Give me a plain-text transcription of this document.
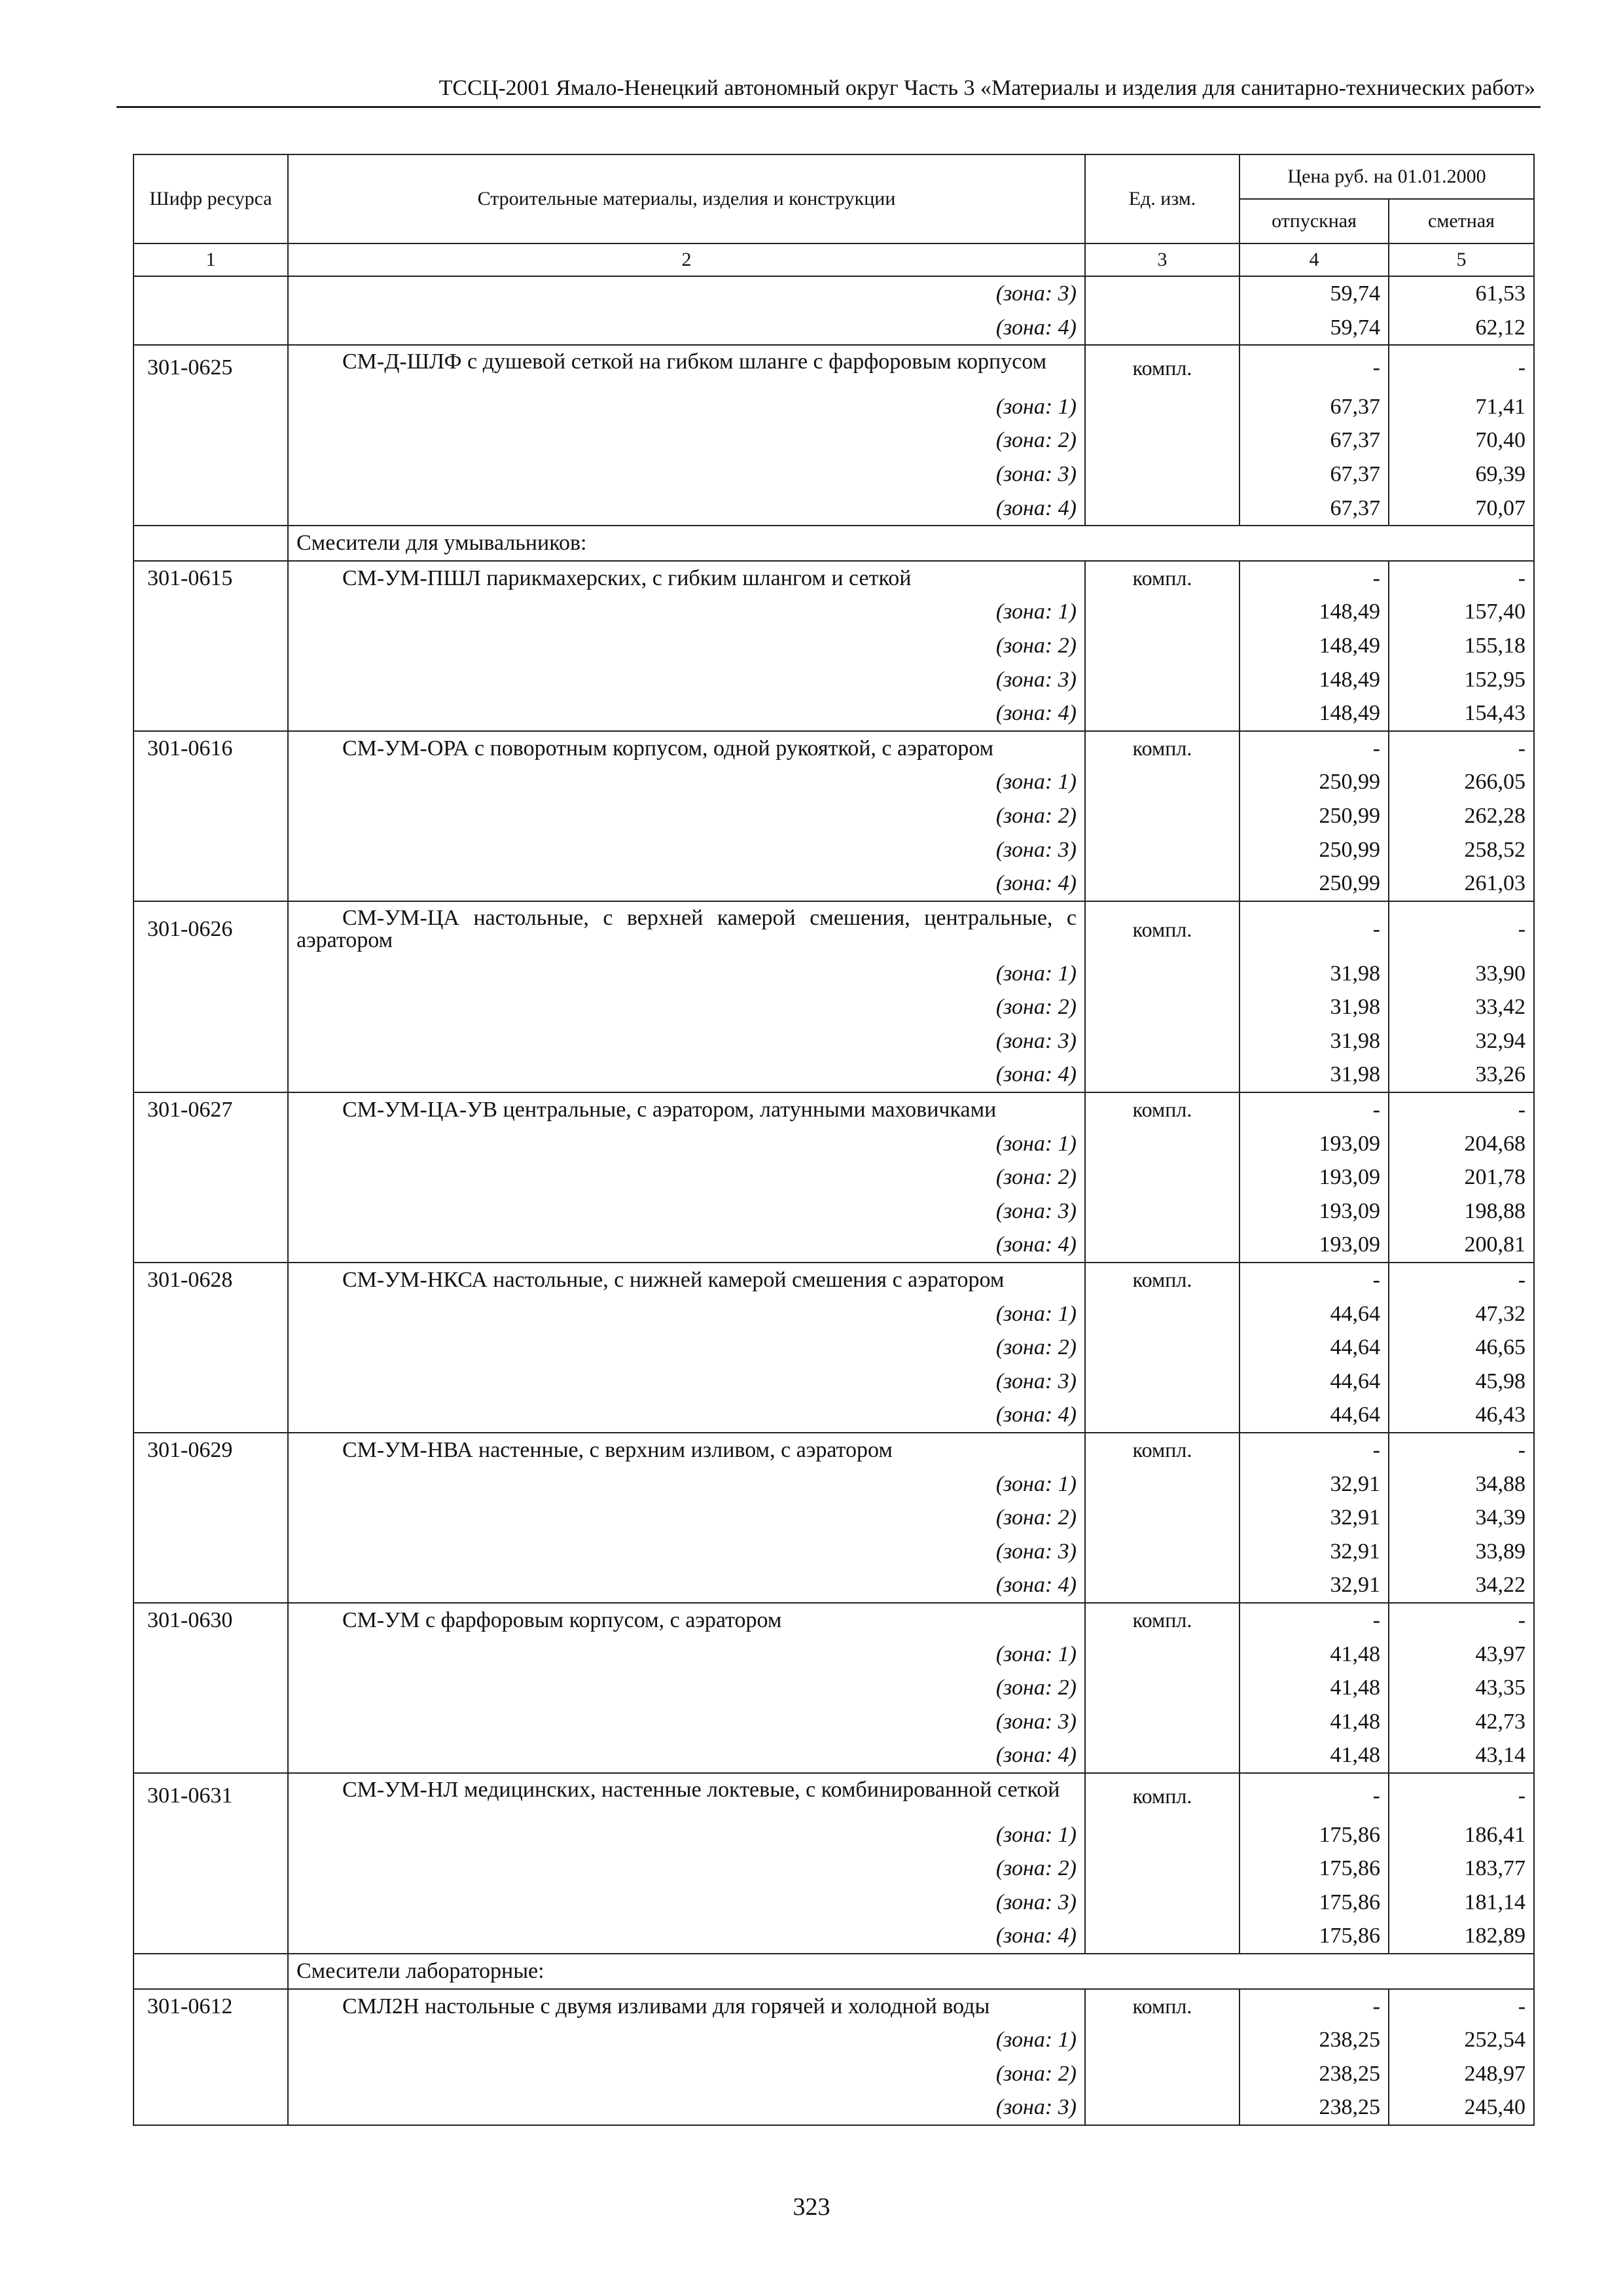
ТССЦ-2001 Ямало-Ненецкий автономный округ Часть 3 «Материалы и изделия для санитарно-технических работ»
Шифр ресурса	Строительные материалы, изделия и конструкции	Ед. изм.	Цена руб. на 01.01.2000	
			отпускная	сметная
1	2	3	4	5
	(зона: 3)		59,74	61,53
	(зона: 4)		59,74	62,12
301-0625	СМ-Д-ШЛФ с душевой сеткой на гибком шланге с фарфоровым корпусом	компл.	-	-
	(зона: 1)		67,37	71,41
	(зона: 2)		67,37	70,40
	(зона: 3)		67,37	69,39
	(зона: 4)		67,37	70,07
	Смесители для умывальников:			
301-0615	СМ-УМ-ПШЛ парикмахерских, с гибким шлангом и сеткой	компл.	-	-
	(зона: 1)		148,49	157,40
	(зона: 2)		148,49	155,18
	(зона: 3)		148,49	152,95
	(зона: 4)		148,49	154,43
301-0616	СМ-УМ-ОРА с поворотным корпусом, одной рукояткой, с аэратором	компл.	-	-
	(зона: 1)		250,99	266,05
	(зона: 2)		250,99	262,28
	(зона: 3)		250,99	258,52
	(зона: 4)		250,99	261,03
301-0626	СМ-УМ-ЦА настольные, с верхней камерой смешения, центральные, с аэратором	компл.	-	-
	(зона: 1)		31,98	33,90
	(зона: 2)		31,98	33,42
	(зона: 3)		31,98	32,94
	(зона: 4)		31,98	33,26
301-0627	СМ-УМ-ЦА-УВ центральные, с аэратором, латунными маховичками	компл.	-	-
	(зона: 1)		193,09	204,68
	(зона: 2)		193,09	201,78
	(зона: 3)		193,09	198,88
	(зона: 4)		193,09	200,81
301-0628	СМ-УМ-НКСА настольные, с нижней камерой смешения с аэратором	компл.	-	-
	(зона: 1)		44,64	47,32
	(зона: 2)		44,64	46,65
	(зона: 3)		44,64	45,98
	(зона: 4)		44,64	46,43
301-0629	СМ-УМ-НВА настенные, с верхним изливом, с аэратором	компл.	-	-
	(зона: 1)		32,91	34,88
	(зона: 2)		32,91	34,39
	(зона: 3)		32,91	33,89
	(зона: 4)		32,91	34,22
301-0630	СМ-УМ с фарфоровым корпусом, с аэратором	компл.	-	-
	(зона: 1)		41,48	43,97
	(зона: 2)		41,48	43,35
	(зона: 3)		41,48	42,73
	(зона: 4)		41,48	43,14
301-0631	СМ-УМ-НЛ медицинских, настенные локтевые, с комбинированной сеткой	компл.	-	-
	(зона: 1)		175,86	186,41
	(зона: 2)		175,86	183,77
	(зона: 3)		175,86	181,14
	(зона: 4)		175,86	182,89
	Смесители лабораторные:			
301-0612	СМЛ2Н настольные с двумя изливами для горячей и холодной воды	компл.	-	-
	(зона: 1)		238,25	252,54
	(зона: 2)		238,25	248,97
	(зона: 3)		238,25	245,40
323
